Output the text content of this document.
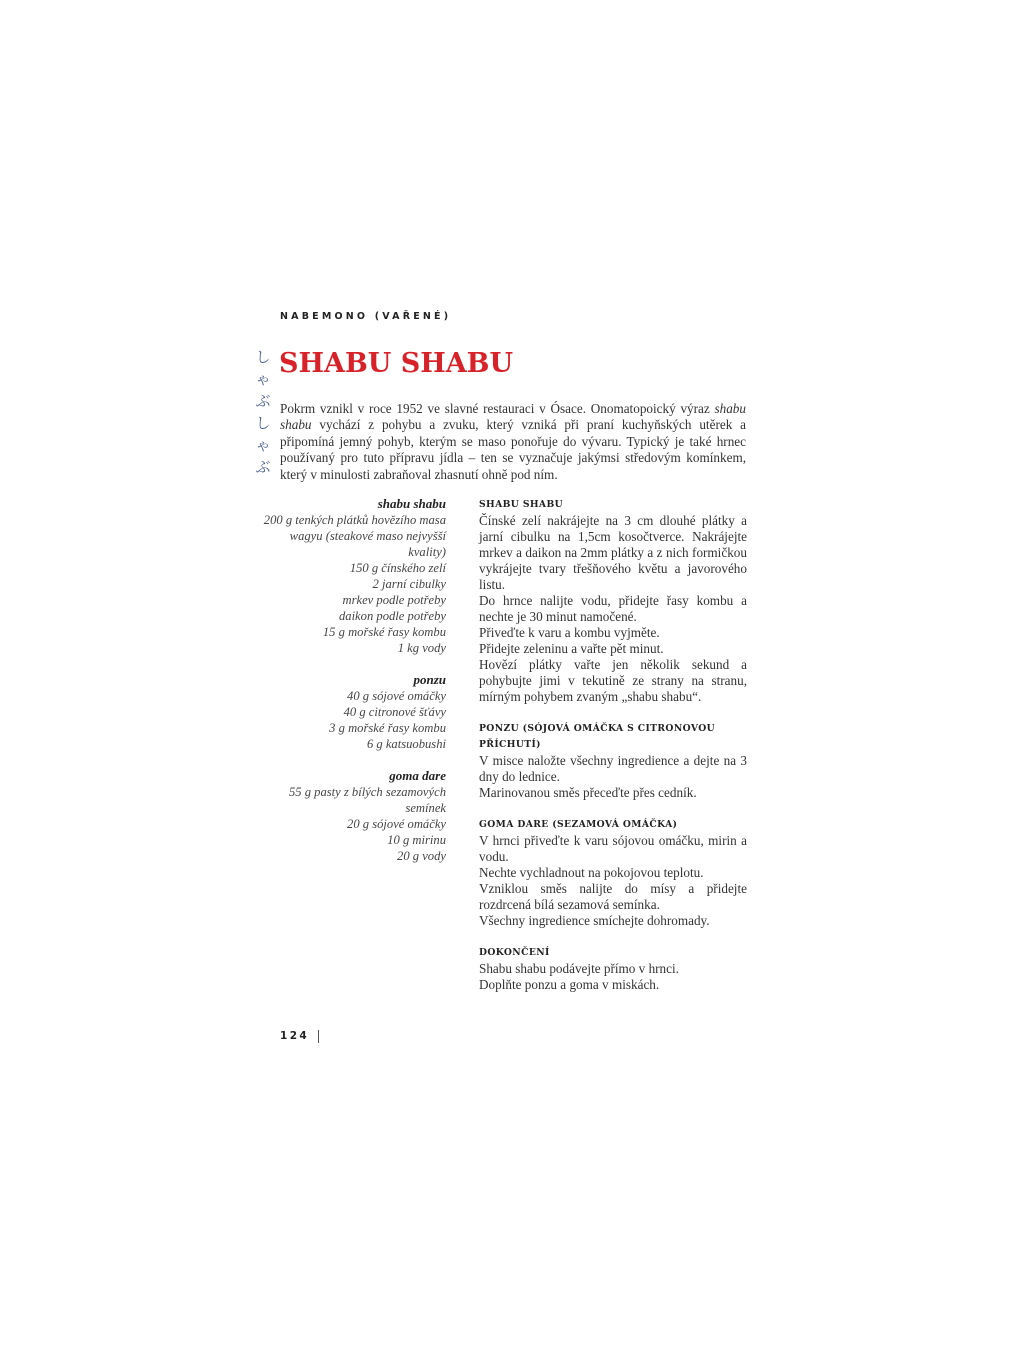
NABEMONO (VAŘENÉ)
し
ゃ
ぶ
し
ゃ
ぶ
SHABU SHABU

Pokrm vznikl v roce 1952 ve slavné restauraci v Ósace. Onomatopoický výraz shabu shabu vychází z pohybu a zvuku, který vzniká při praní kuchyňských utěrek a připomíná jemný pohyb, kterým se maso ponořuje do vývaru. Typický je také hrnec používaný pro tuto přípravu jídla – ten se vyznačuje jakýmsi středovým komínkem, který v minulosti zabraňoval zhasnutí ohně pod ním.

shabu shabu
200 g tenkých plátků hovězího masa wagyu (steakové maso nejvyšší kvality)
150 g čínského zelí
2 jarní cibulky
mrkev podle potřeby
daikon podle potřeby
15 g mořské řasy kombu
1 kg vody
ponzu
40 g sójové omáčky
40 g citronové šťávy
3 g mořské řasy kombu
6 g katsuobushi
goma dare
55 g pasty z bílých sezamových semínek
20 g sójové omáčky
10 g mirinu
20 g vody
SHABU SHABU
Čínské zelí nakrájejte na 3 cm dlouhé plátky a jarní cibulku na 1,5cm kosočtverce. Nakrájejte mrkev a daikon na 2mm plátky a z nich formičkou vykrájejte tvary třešňového květu a javorového listu.
Do hrnce nalijte vodu, přidejte řasy kombu a nechte je 30 minut namočené.
Přiveďte k varu a kombu vyjměte.
Přidejte zeleninu a vařte pět minut.
Hovězí plátky vařte jen několik sekund a pohybujte jimi v tekutině ze strany na stranu, mírným pohybem zvaným „shabu shabu“.
PONZU (SÓJOVÁ OMÁČKA S CITRONOVOU PŘÍCHUTÍ)
V misce naložte všechny ingredience a dejte na 3 dny do lednice.
Marinovanou směs přeceďte přes cedník.
GOMA DARE (SEZAMOVÁ OMÁČKA)
V hrnci přiveďte k varu sójovou omáčku, mirin a vodu.
Nechte vychladnout na pokojovou teplotu.
Vzniklou směs nalijte do mísy a přidejte rozdrcená bílá sezamová semínka.
Všechny ingredience smíchejte dohromady.
DOKONČENÍ
Shabu shabu podávejte přímo v hrnci.
Doplňte ponzu a goma v miskách.
124
